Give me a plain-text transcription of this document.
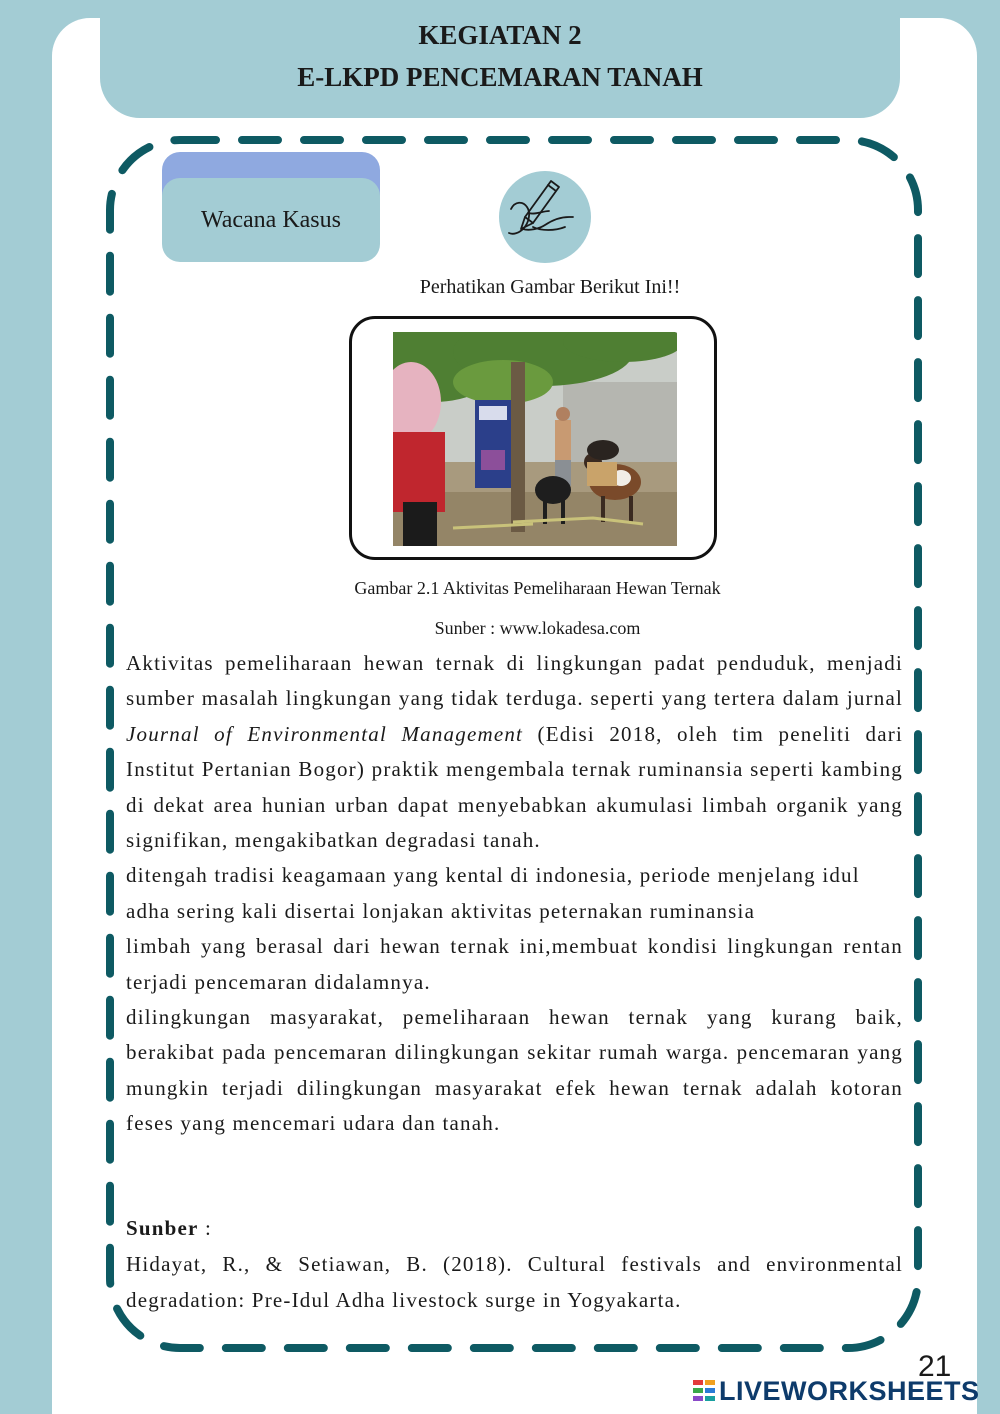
KEGIATAN 2
E-LKPD PENCEMARAN TANAH
Wacana Kasus
Perhatikan Gambar Berikut Ini!!
Gambar 2.1 Aktivitas Pemeliharaan Hewan Ternak
Sunber : www.lokadesa.com

Aktivitas pemeliharaan hewan ternak di lingkungan padat penduduk, menjadi sumber masalah lingkungan yang tidak terduga. seperti yang tertera dalam jurnal Journal of Environmental Management (Edisi 2018, oleh tim peneliti dari Institut Pertanian Bogor) praktik mengembala ternak ruminansia seperti kambing di dekat area hunian urban dapat menyebabkan akumulasi limbah organik yang signifikan, mengakibatkan degradasi tanah.

ditengah tradisi keagamaan yang kental di indonesia, periode menjelang idul adha sering kali disertai lonjakan aktivitas peternakan ruminansia

limbah yang berasal dari hewan ternak ini,membuat kondisi lingkungan rentan terjadi pencemaran didalamnya.

dilingkungan masyarakat, pemeliharaan hewan ternak yang kurang baik, berakibat pada pencemaran dilingkungan sekitar rumah warga. pencemaran yang mungkin terjadi dilingkungan masyarakat efek hewan ternak adalah kotoran feses yang mencemari udara dan tanah.

Sunber :

Hidayat, R., & Setiawan, B. (2018). Cultural festivals and environmental degradation: Pre-Idul Adha livestock surge in Yogyakarta.

21
LIVEWORKSHEETS
